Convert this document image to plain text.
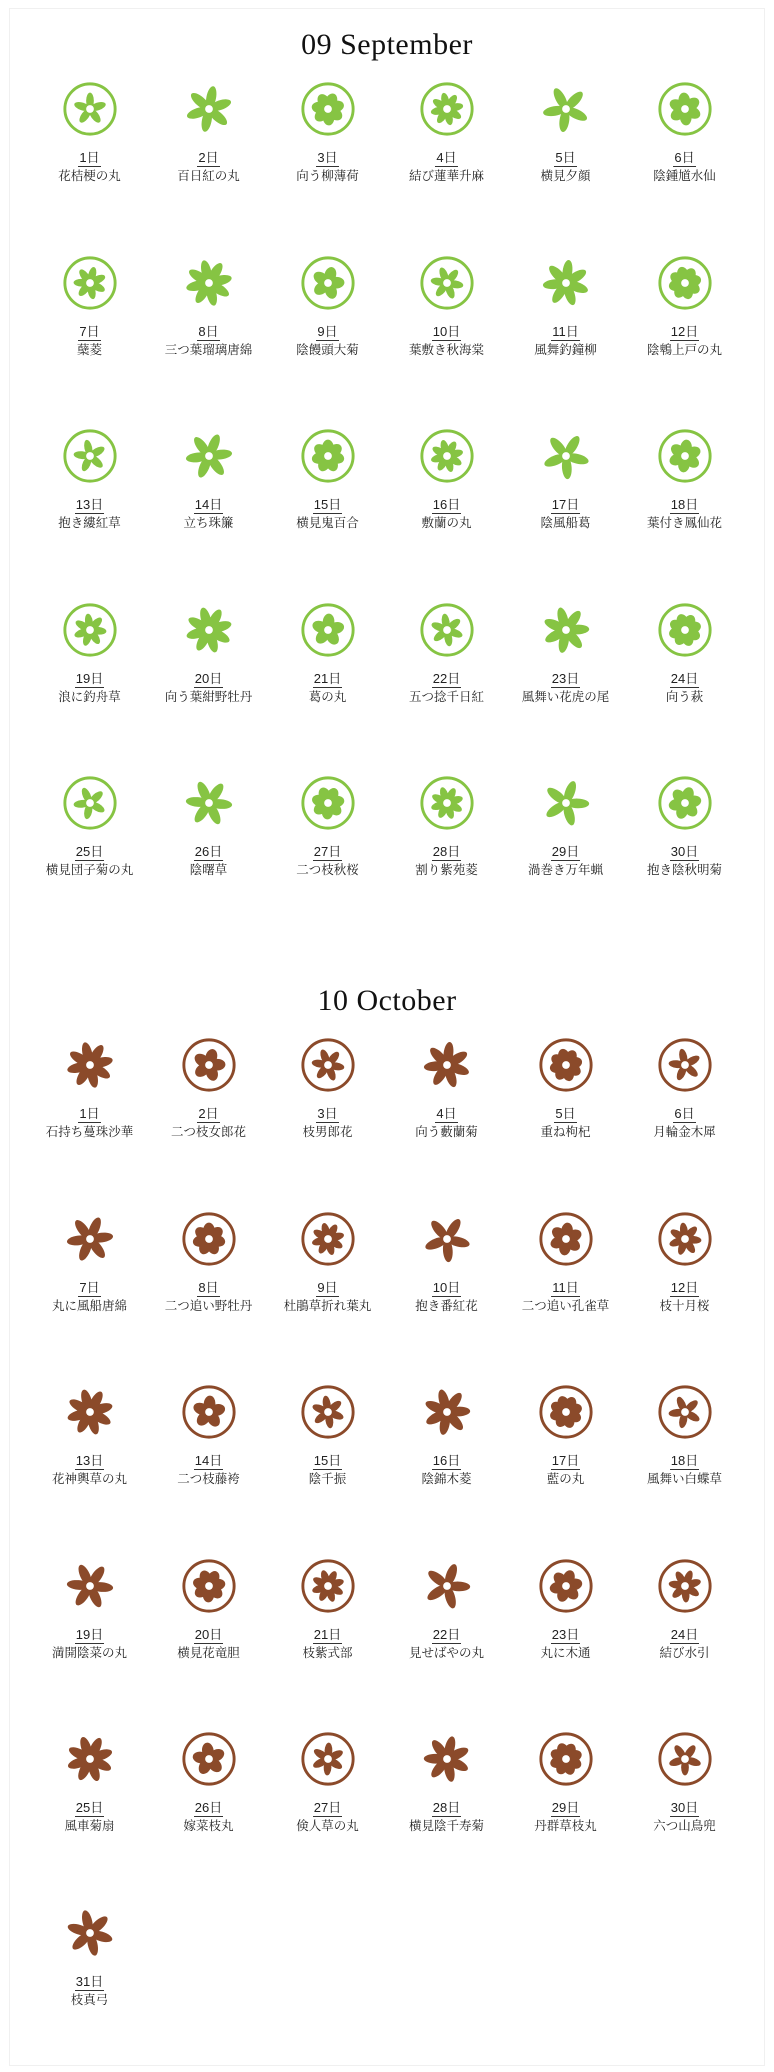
09 September
1日
花桔梗の丸
2日
百日紅の丸
3日
向う柳薄荷
4日
結び蓮華升麻
5日
横見夕顔
6日
陰鍾馗水仙
7日
蘖菱
8日
三つ葉瑠璃唐綿
9日
陰饅頭大菊
10日
葉敷き秋海棠
11日
風舞釣鐘柳
12日
陰鵯上戸の丸
13日
抱き縷紅草
14日
立ち珠簾
15日
横見鬼百合
16日
敷蘭の丸
17日
陰風船葛
18日
葉付き鳳仙花
19日
浪に釣舟草
20日
向う葉紺野牡丹
21日
葛の丸
22日
五つ捻千日紅
23日
風舞い花虎の尾
24日
向う萩
25日
横見団子菊の丸
26日
陰曙草
27日
二つ枝秋桜
28日
割り紫苑菱
29日
渦巻き万年蝋
30日
抱き陰秋明菊
10 October
1日
石持ち蔓珠沙華
2日
二つ枝女郎花
3日
枝男郎花
4日
向う藪蘭菊
5日
重ね枸杞
6日
月輪金木犀
7日
丸に風船唐綿
8日
二つ追い野牡丹
9日
杜鵑草折れ葉丸
10日
抱き番紅花
11日
二つ追い孔雀草
12日
枝十月桜
13日
花神輿草の丸
14日
二つ枝藤袴
15日
陰千振
16日
陰錦木菱
17日
藍の丸
18日
風舞い白蝶草
19日
満開陰菜の丸
20日
横見花竜胆
21日
枝紫式部
22日
見せばやの丸
23日
丸に木通
24日
結び水引
25日
風車菊扇
26日
嫁菜枝丸
27日
倹人草の丸
28日
横見陰千寿菊
29日
丹群草枝丸
30日
六つ山鳥兜
31日
枝真弓
